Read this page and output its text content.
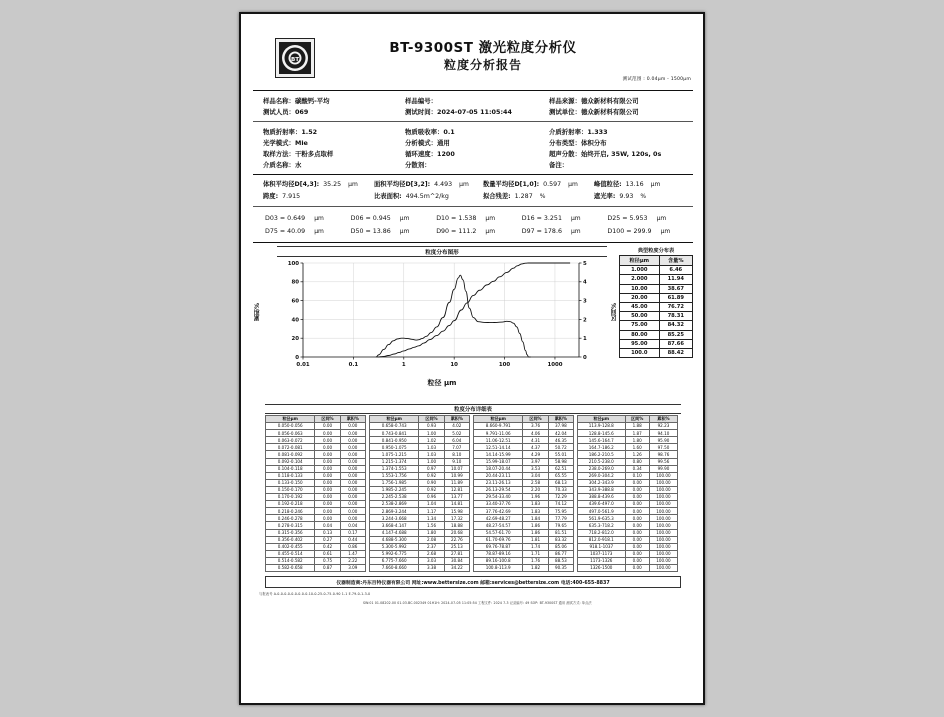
BT
BT-9300ST 激光粒度分析仪
粒度分析报告
测试范围 : 0.04μm - 1500μm
样品名称：碳酸钙-平均	样品编号：	样品来源：德众新材料有限公司
测试人员：069	测试时间：2024-07-05 11:05:44	测试单位：德众新材料有限公司
物质折射率：1.52	物质吸收率：0.1	介质折射率：1.333
光学模式：Mie	分析模式：通用	分布类型：体积分布
取样方法：干粉多点取样	循环速度：1200	超声分散：始终开启, 35W, 120s, 0s
介质名称：水	分散剂：	备注：
体积平均径D[4,3]: 35.25	μm	面积平均径D[3,2]: 4.493	μm 数量平均径D[1,0]: 0.597	μm	峰值粒径: 13.16	μm
跨度: 7.915	比表面积: 494.5m^2/kg	拟合残差: 1.287	%	遮光率: 9.93	%
D03 = 0.649 μm	D06 = 0.945 μm	D10 = 1.538 μm	D16 = 3.251 μm	D25 = 5.953 μm
D75 = 40.09 μm	D50 = 13.86 μm	D90 = 111.2 μm	D97 = 178.6 μm	D100 = 299.9 μm
粒度分布图形
累积%	区间%
0.01	0.1	1	10	100	1000
0
20
40
60
80
100
0
1
2
3
4
5
粒径 μm
典型粒度分布表
粒径μm	含量%
1.000	6.46
2.000	11.94
10.00	38.67
20.00	61.89
45.00	76.72
50.00	78.31
75.00	84.32
80.00	85.25
95.00	87.66
100.0	88.42
粒度分布详细表
粒径μm	区间%	累积%
0.050-0.056	0.00	0.00
0.056-0.063	0.00	0.00
0.063-0.072	0.00	0.00
0.072-0.081	0.00	0.00
0.081-0.092	0.00	0.00
0.092-0.104	0.00	0.00
0.104-0.118	0.00	0.00
0.118-0.133	0.00	0.00
0.133-0.150	0.00	0.00
0.150-0.170	0.00	0.00
0.170-0.192	0.00	0.00
0.192-0.218	0.00	0.00
0.218-0.246	0.00	0.00
0.246-0.278	0.00	0.00
0.278-0.315	0.04	0.04
0.315-0.356	0.13	0.17
0.356-0.402	0.27	0.44
0.402-0.455	0.42	0.86
0.455-0.514	0.61	1.47
0.514-0.582	0.75	2.22
0.582-0.658	0.87	3.09
粒径μm	区间%	累积%
0.658-0.743	0.93	4.02
0.743-0.841	1.00	5.02
0.841-0.950	1.02	6.04
0.950-1.075	1.03	7.07
1.075-1.215	1.03	8.10
1.215-1.374	1.00	9.10
1.374-1.553	0.97	10.07
1.553-1.756	0.92	10.99
1.756-1.985	0.90	11.89
1.985-2.245	0.92	12.81
2.245-2.538	0.96	13.77
2.538-2.869	1.04	14.81
2.869-3.244	1.17	15.98
3.244-3.668	1.34	17.32
3.668-4.147	1.56	18.88
4.147-4.688	1.80	20.68
4.688-5.300	2.08	22.76
5.300-5.992	2.37	25.13
5.992-6.775	2.68	27.81
6.775-7.660	3.03	30.84
7.660-8.660	3.38	34.22
粒径μm	区间%	累积%
8.660-9.791	3.76	37.98
9.791-11.06	4.06	42.04
11.06-12.51	4.31	46.35
12.51-14.14	4.37	50.72
14.14-15.99	4.29	55.01
15.99-18.07	3.97	58.98
18.07-20.44	3.53	62.51
20.44-23.11	3.04	65.55
23.11-26.13	2.58	68.13
26.13-29.54	2.20	70.33
29.54-33.40	1.96	72.29
33.40-37.76	1.83	74.12
37.76-42.69	1.83	75.95
42.69-48.27	1.84	77.79
48.27-54.57	1.86	79.65
54.57-61.70	1.86	81.51
61.70-69.76	1.81	83.32
69.76-78.87	1.74	85.06
78.87-89.16	1.71	86.77
89.16-100.8	1.76	88.53
100.8-113.9	1.82	90.35
粒径μm	区间%	累积%
113.9-128.8	1.88	92.23
128.8-145.6	1.87	94.10
145.6-164.7	1.80	95.90
164.7-186.2	1.60	97.50
186.2-210.5	1.26	98.76
210.5-238.0	0.80	99.56
238.0-269.0	0.34	99.90
269.0-304.2	0.10	100.00
304.2-343.9	0.00	100.00
343.9-388.8	0.00	100.00
388.8-439.6	0.00	100.00
439.6-497.0	0.00	100.00
497.0-561.9	0.00	100.00
561.9-635.3	0.00	100.00
635.3-718.2	0.00	100.00
718.2-812.0	0.00	100.00
812.0-918.1	0.00	100.00
918.1-1037	0.00	100.00
1037-1173	0.00	100.00
1173-1326	0.00	100.00
1326-1500	0.00	100.00
仪器制造商:丹东百特仪器有限公司 网址:www.bettersize.com 邮箱:services@bettersize.com 电话:400-655-8837
与报表号 A-0-0-0-0-0-0-0-0-0-10-0-25-0-75-0-90 1-1 E.79-0-1-3-0
SW:01 01.08202.00 01.03.BC.002349 01H1H: 2024-07-05 11:05:54 工程文件: 2024 7-3 记录编号: 49 SOP: BT-9300ST 通用 测试方式: 单点法
